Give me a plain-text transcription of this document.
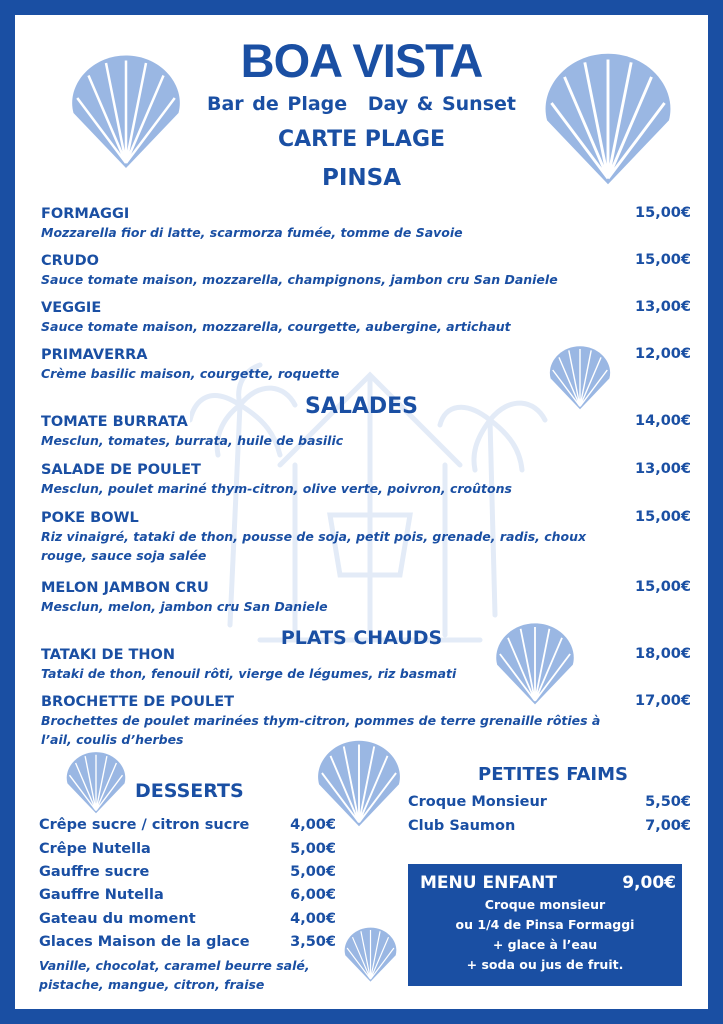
BOA VISTA
Bar de Plage Day & Sunset
CARTE PLAGE
PINSA
FORMAGGI
Mozzarella fior di latte, scarmorza fumée, tomme de Savoie
15,00€
CRUDO
Sauce tomate maison, mozzarella, champignons, jambon cru San Daniele
15,00€
VEGGIE
Sauce tomate maison, mozzarella, courgette, aubergine, artichaut
13,00€
PRIMAVERRA
Crème basilic maison, courgette, roquette
12,00€
SALADES
TOMATE BURRATA
Mesclun, tomates, burrata, huile de basilic
14,00€
SALADE DE POULET
Mesclun, poulet mariné thym-citron, olive verte, poivron, croûtons
13,00€
POKE BOWL
Riz vinaigré, tataki de thon, pousse de soja, petit pois, grenade, radis, choux rouge, sauce soja salée
15,00€
MELON JAMBON CRU
Mesclun, melon, jambon cru San Daniele
15,00€
PLATS CHAUDS
TATAKI DE THON
Tataki de thon, fenouil rôti, vierge de légumes, riz basmati
18,00€
BROCHETTE DE POULET
Brochettes de poulet marinées thym-citron, pommes de terre grenaille rôties à l’ail, coulis d’herbes
17,00€
DESSERTS
Crêpe sucre / citron sucre	4,00€
Crêpe Nutella	5,00€
Gauffre sucre	5,00€
Gauffre Nutella	6,00€
Gateau du moment	4,00€
Glaces Maison de la glace	3,50€
Vanille, chocolat, caramel beurre salé, pistache, mangue, citron, fraise
PETITES FAIMS
Croque Monsieur	5,50€
Club Saumon	7,00€
MENU ENFANT	9,00€
Croque monsieur
ou 1/4 de Pinsa Formaggi
+ glace à l’eau
+ soda ou jus de fruit.
